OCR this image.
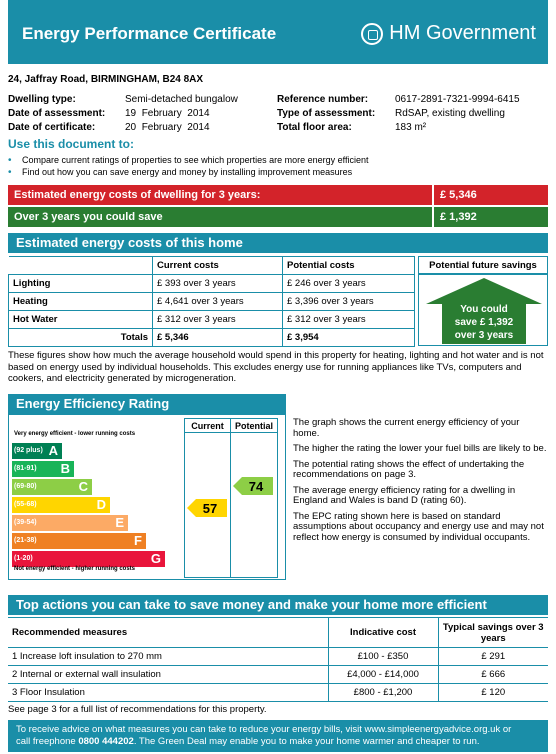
Energy Performance Certificate	HM Government
24, Jaffray Road, BIRMINGHAM, B24 8AX
Dwelling type:	Semi-detached bungalow	Reference number:	0617-2891-7321-9994-6415
Date of assessment:	19 February 2014	Type of assessment:	RdSAP, existing dwelling
Date of certificate:	20 February 2014	Total floor area:	183 m²
Use this document to:
• Compare current ratings of properties to see which properties are more energy efficient
• Find out how you can save energy and money by installing improvement measures
Estimated energy costs of dwelling for 3 years:	£ 5,346
Over 3 years you could save	£ 1,392
Estimated energy costs of this home
	Current costs	Potential costs
Lighting	£ 393 over 3 years	£ 246 over 3 years
Heating	£ 4,641 over 3 years	£ 3,396 over 3 years
Hot Water	£ 312 over 3 years	£ 312 over 3 years
Totals	£ 5,346	£ 3,954
Potential future savings
You could
save £ 1,392
over 3 years
These figures show how much the average household would spend in this property for heating, lighting and hot water and is not based on energy used by individual households. This excludes energy use for running appliances like TVs, computers and cookers, and electricity generated by microgeneration.
Energy Efficiency Rating
Current	Potential
Very energy efficient - lower running costs
(92 plus) A
(81-91) B
(69-80)	C
(55-68)	D
(39-54)	E
(21-38)	F
(1-20)	G
Not energy efficient - higher running costs
57
74

The graph shows the current energy efficiency of your home.

The higher the rating the lower your fuel bills are likely to be.

The potential rating shows the effect of undertaking the recommendations on page 3.

The average energy efficiency rating for a dwelling in England and Wales is band D (rating 60).

The EPC rating shown here is based on standard assumptions about occupancy and energy use and may not reflect how energy is consumed by individual occupants.

Top actions you can take to save money and make your home more efficient
Recommended measures	Indicative cost	Typical savings over 3 years
1 Increase loft insulation to 270 mm	£100 - £350	£ 291
2 Internal or external wall insulation	£4,000 - £14,000	£ 666
3 Floor Insulation	£800 - £1,200	£ 120
See page 3 for a full list of recommendations for this property.
To receive advice on what measures you can take to reduce your energy bills, visit www.simpleenergyadvice.org.uk or
call freephone 0800 444202. The Green Deal may enable you to make your home warmer and cheaper to run.
